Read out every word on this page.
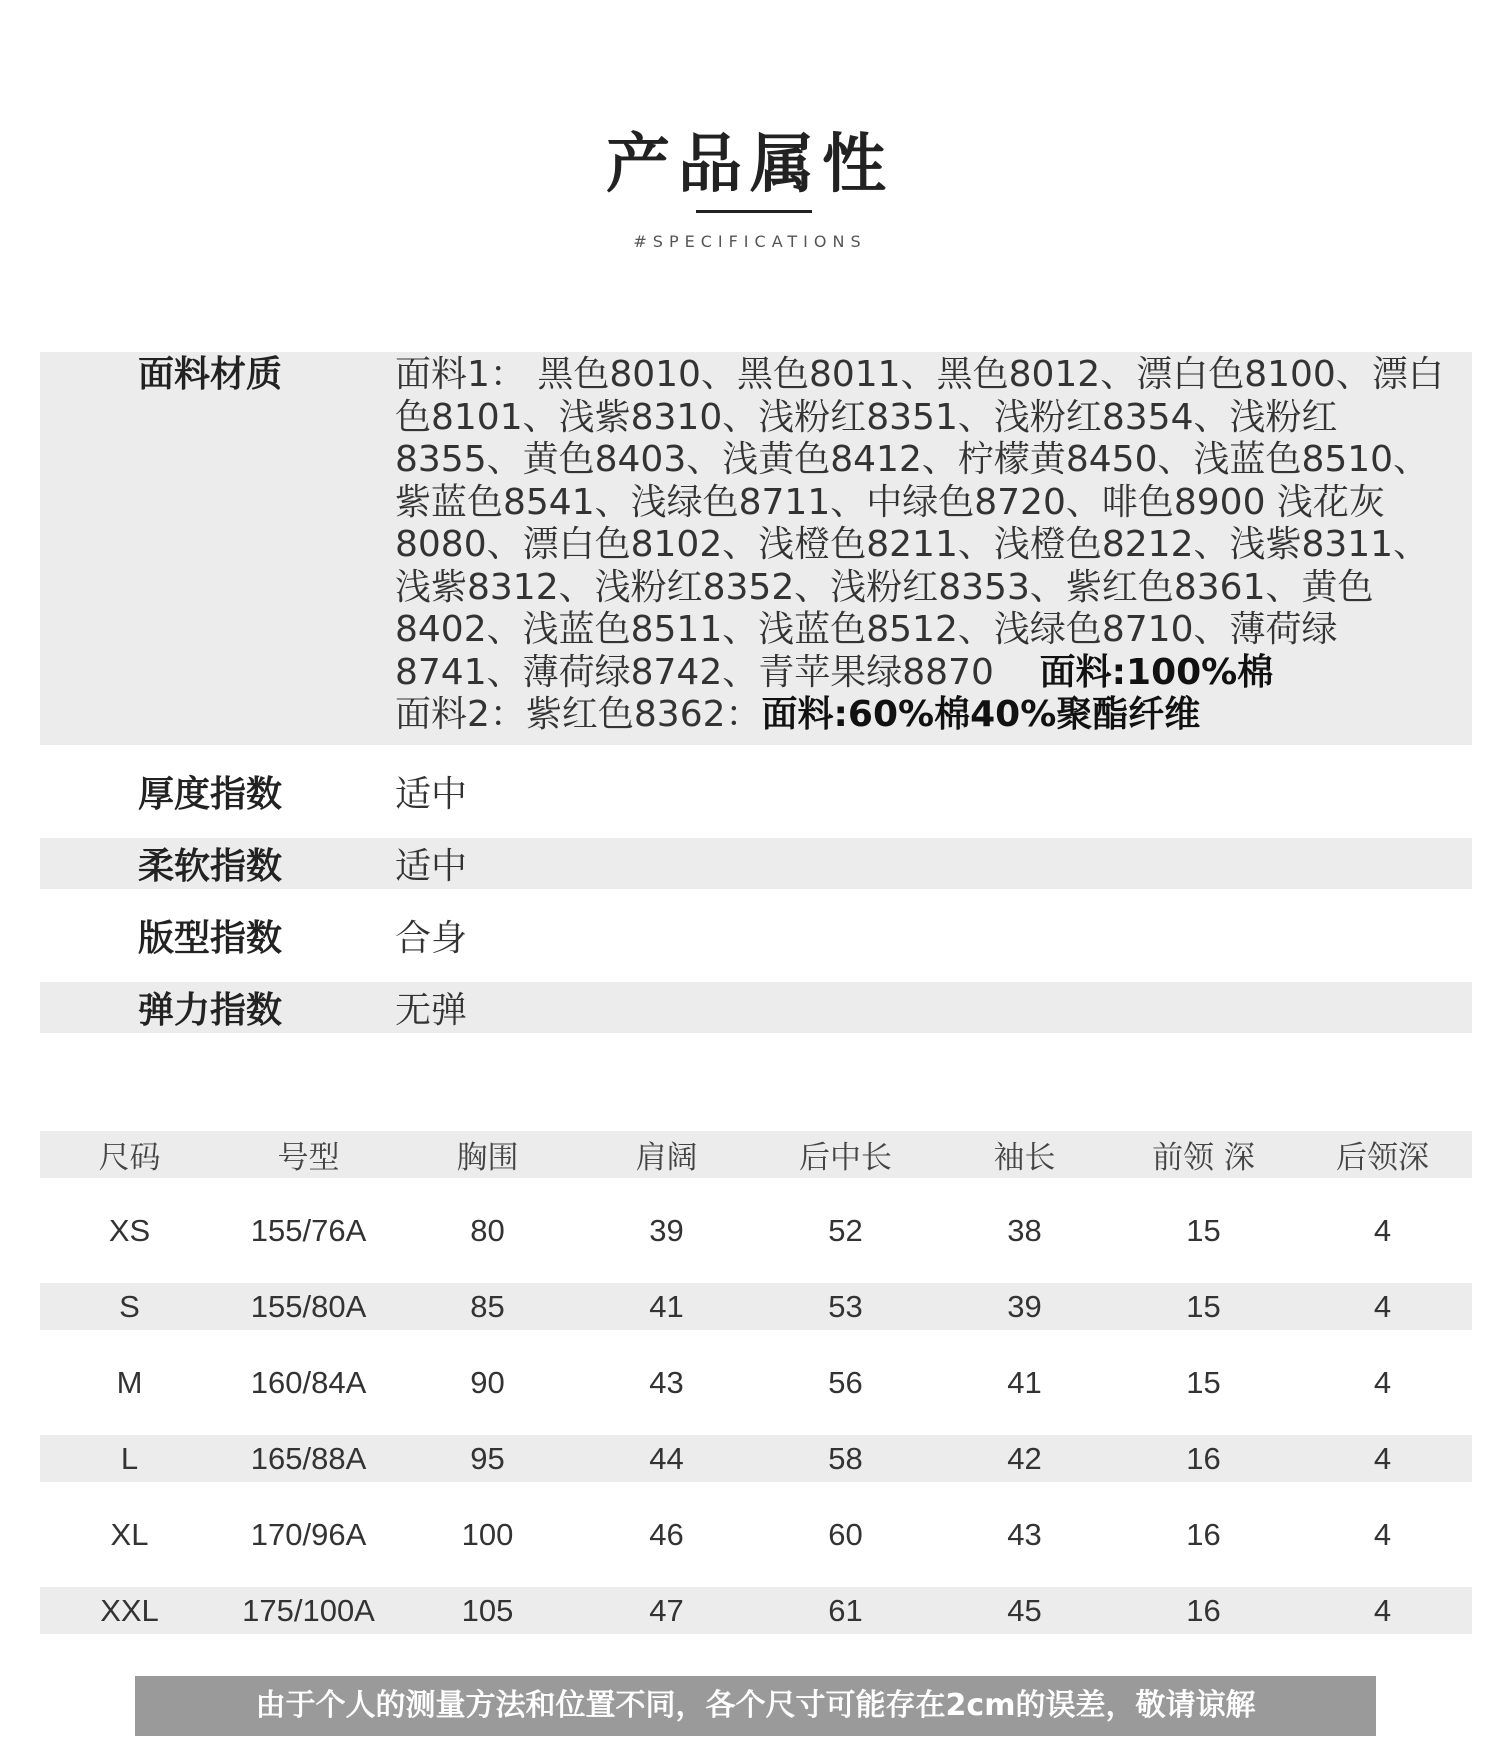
产品属性
#SPECIFICATIONS
面料材质	面料1： 黑色8010、黑色8011、黑色8012、漂白色8100、漂白色8101、浅紫8310、浅粉红8351、浅粉红8354、浅粉红8355、黄色8403、浅黄色8412、柠檬黄8450、浅蓝色8510、紫蓝色8541、浅绿色8711、中绿色8720、啡色8900 浅花灰8080、漂白色8102、浅橙色8211、浅橙色8212、浅紫8311、浅紫8312、浅粉红8352、浅粉红8353、紫红色8361、黄色8402、浅蓝色8511、浅蓝色8512、浅绿色8710、薄荷绿8741、薄荷绿8742、青苹果绿8870 面料:100%棉
面料2：紫红色8362：面料:60%棉40%聚酯纤维
厚度指数	适中
柔软指数	适中
版型指数	合身
弹力指数	无弹
尺码	号型	胸围	肩阔	后中长	袖长	前领 深	后领深

XS	155/76A	80	39	52	38	15	4

S	155/80A	85	41	53	39	15	4

M	160/84A	90	43	56	41	15	4

L	165/88A	95	44	58	42	16	4

XL	170/96A	100	46	60	43	16	4

XXL	175/100A	105	47	61	45	16	4
由于个人的测量方法和位置不同，各个尺寸可能存在2cm的误差，敬请谅解
